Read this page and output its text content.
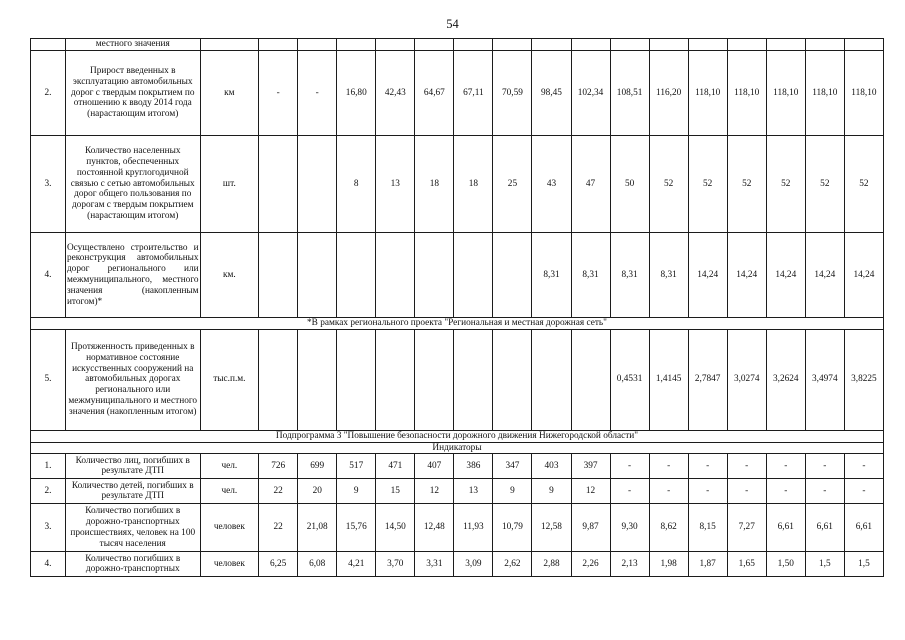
54
	местного значения																	
2.	Прирост введенных в эксплуатацию автомобильных дорог с твердым покрытием по отношению к вводу 2014 года (нарастающим итогом)	км	-	-	16,80	42,43	64,67	67,11	70,59	98,45	102,34	108,51	116,20	118,10	118,10	118,10	118,10	118,10
3.	Количество населенных пунктов, обеспеченных постоянной круглогодичной связью с сетью автомобильных дорог общего пользования по дорогам с твердым покрытием (нарастающим итогом)	шт.			8	13	18	18	25	43	47	50	52	52	52	52	52	52
4.	Осуществлено строительство и реконструкция автомобильных дорог регионального или межмуниципального, местного значения (накопленным итогом)*	км.								8,31	8,31	8,31	8,31	14,24	14,24	14,24	14,24	14,24
*В рамках регионального проекта "Региональная и местная дорожная сеть"																		
5.	Протяженность приведенных в нормативное состояние искусственных сооружений на автомобильных дорогах регионального или межмуниципального и местного значения (накопленным итогом)	тыс.п.м.										0,4531	1,4145	2,7847	3,0274	3,2624	3,4974	3,8225
Подпрограмма 3 "Повышение безопасности дорожного движения Нижегородской области"																		
Индикаторы																		
1.	Количество лиц, погибших в результате ДТП	чел.	726	699	517	471	407	386	347	403	397	-	-	-	-	-	-	-
2.	Количество детей, погибших в результате ДТП	чел.	22	20	9	15	12	13	9	9	12	-	-	-	-	-	-	-
3.	Количество погибших в дорожно-транспортных происшествиях, человек на 100 тысяч населения	человек	22	21,08	15,76	14,50	12,48	11,93	10,79	12,58	9,87	9,30	8,62	8,15	7,27	6,61	6,61	6,61
4.	Количество погибших в дорожно-транспортных	человек	6,25	6,08	4,21	3,70	3,31	3,09	2,62	2,88	2,26	2,13	1,98	1,87	1,65	1,50	1,5	1,5
